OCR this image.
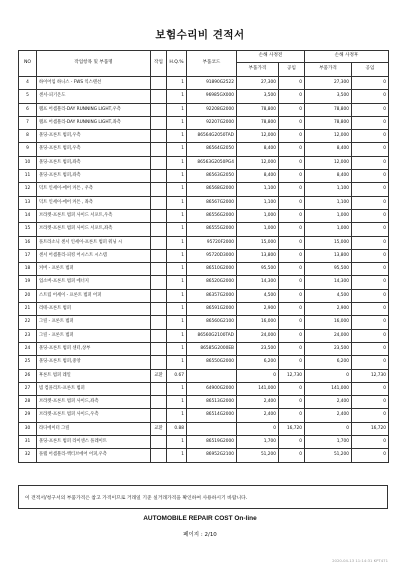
보험수리비 견적서
NO	작업항목 및 부품명	작업	H.Q.%	부품코드	손해 사정전		손해 사정후	
					부품가격	공임	부품가격	공임
4	하이어임 하니스 - FWS 익스텐션		1	91890G2522	27,300	0	27,300	0
5	센서-피기온도		1	96985GX000	3,500	0	3,500	0
6	램프 어셈블리-DAY RUNNING LIGHT,우측		1	92208G2000	78,800	0	78,800	0
7	램프 어셈블리-DAY RUNNING LIGHT,좌측		1	92207G2000	78,800	0	78,800	0
8	몰딩-프론트 범퍼,우측		1	86564G2050TAD	12,000	0	12,000	0
9	몰딩-프론트 범퍼,우측		1	86564G2050	8,400	0	8,400	0
10	몰딩-프론트 범퍼,좌측		1	86563G2050PG4	12,000	0	12,000	0
11	몰딩-프론트 범퍼,좌측		1	86563G2050	8,400	0	8,400	0
12	덕트 인세이-에어 커튼 , 우측		1	86568G2000	1,100	0	1,100	0
13	덕트 인세이-에어 커튼 , 좌측		1	86567G2000	1,100	0	1,100	0
14	브라켓-프론트 범퍼 사이드 서포트,우측		1	86556G2000	1,000	0	1,000	0
15	브라켓-프론트 범퍼 사이드 서포트,좌측		1	86555G2000	1,000	0	1,000	0
16	플트라소닉 센서 인세이-프론트 범퍼 워닝 시		1	95720F2000	15,000	0	15,000	0
17	센서 어셈블리-피킹 어시스트 시스템		1	95720D3000	13,800	0	13,800	0
18	커버 - 프론트 범퍼		1	86510G2000	95,500	0	95,500	0
19	업소버-프론트 범퍼 에너지		1	86520G2000	14,300	0	14,300	0
20	스트립 어세이 - 프론트 범퍼 어퍼		1	86357G2000	4,500	0	4,500	0
21	리테-프론트 범퍼		1	86591G2000	2,900	0	2,900	0
22	그릴 - 프론트 범퍼		1	86560G2100	16,000	0	16,000	0
23	그릴 - 프론트 범퍼		1	86560G2100TAD	24,000	0	24,000	0
24	몰딩-프론트 범퍼 센터,상부		1	86585G2000EB	23,500	0	23,500	0
25	몰딩-프론트 범퍼,중앙		1	86550G2000	6,200	0	6,200	0
26	후론트 범퍼 레일	교환	0.67		0	12,730	0	12,730
27	빔 컴플리트-프론트 범퍼		1	64900G2000	141,000	0	141,000	0
28	브라켓-프론트 범퍼 사이드,좌측		1	86513G2000	2,400	0	2,400	0
29	브라켓-프론트 범퍼 사이드,우측		1	86514G2000	2,400	0	2,400	0
30	라디에이터 그릴	교환	0.88		0	16,720	0	16,720
31	몰딩-프론트 범퍼 라이센스 플레이트		1	86519G2000	1,700	0	1,700	0
32	플랩 어셈블리-액티브에어 어퍼,우측		1	86952G2100	51,200	0	51,200	0
이 견적서/청구서의 부품가격은 참고 가격이므로 거래일 기준 실거래가격을 확인하여 사용하시기 바랍니다.
AUTOMOBILE REPAIR COST On-line
페이지 : 2/10
2020-04-13 11:14:31 KPT471
